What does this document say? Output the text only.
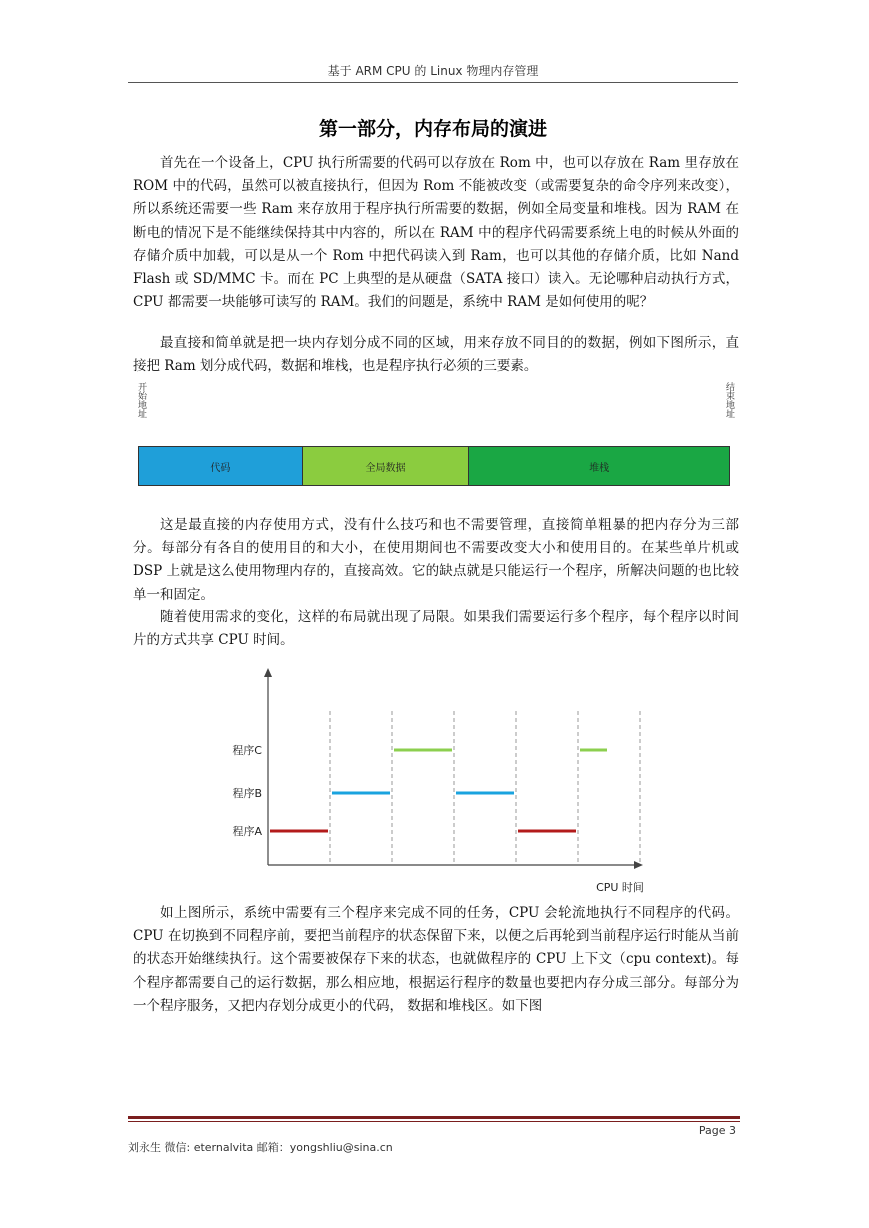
基于 ARM CPU 的 Linux 物理内存管理
第一部分，内存布局的演进

首先在一个设备上，CPU 执行所需要的代码可以存放在 Rom 中，也可以存放在 Ram 里存放在 ROM 中的代码，虽然可以被直接执行，但因为 Rom 不能被改变（或需要复杂的命令序列来改变），所以系统还需要一些 Ram 来存放用于程序执行所需要的数据，例如全局变量和堆栈。因为 RAM 在断电的情况下是不能继续保持其中内容的，所以在 RAM 中的程序代码需要系统上电的时候从外面的存储介质中加载，可以是从一个 Rom 中把代码读入到 Ram，也可以其他的存储介质，比如 Nand Flash 或 SD/MMC 卡。而在 PC 上典型的是从硬盘（SATA 接口）读入。无论哪种启动执行方式，CPU 都需要一块能够可读写的 RAM。我们的问题是，系统中 RAM 是如何使用的呢？

最直接和简单就是把一块内存划分成不同的区域，用来存放不同目的的数据，例如下图所示，直接把 Ram 划分成代码，数据和堆栈，也是程序执行必须的三要素。

开始地址	结束地址
代码	全局数据	堆栈

这是最直接的内存使用方式，没有什么技巧和也不需要管理，直接简单粗暴的把内存分为三部分。每部分有各自的使用目的和大小，在使用期间也不需要改变大小和使用目的。在某些单片机或 DSP 上就是这么使用物理内存的，直接高效。它的缺点就是只能运行一个程序，所解决问题的也比较单一和固定。

随着使用需求的变化，这样的布局就出现了局限。如果我们需要运行多个程序，每个程序以时间片的方式共享 CPU 时间。

程序A
程序B
程序C
CPU 时间

如上图所示，系统中需要有三个程序来完成不同的任务，CPU 会轮流地执行不同程序的代码。CPU 在切换到不同程序前，要把当前程序的状态保留下来，以便之后再轮到当前程序运行时能从当前的状态开始继续执行。这个需要被保存下来的状态，也就做程序的 CPU 上下文（cpu context)。每个程序都需要自己的运行数据，那么相应地，根据运行程序的数量也要把内存分成三部分。每部分为一个程序服务，又把内存划分成更小的代码， 数据和堆栈区。如下图

Page 3
刘永生 微信: eternalvita 邮箱：yongshliu@sina.cn
